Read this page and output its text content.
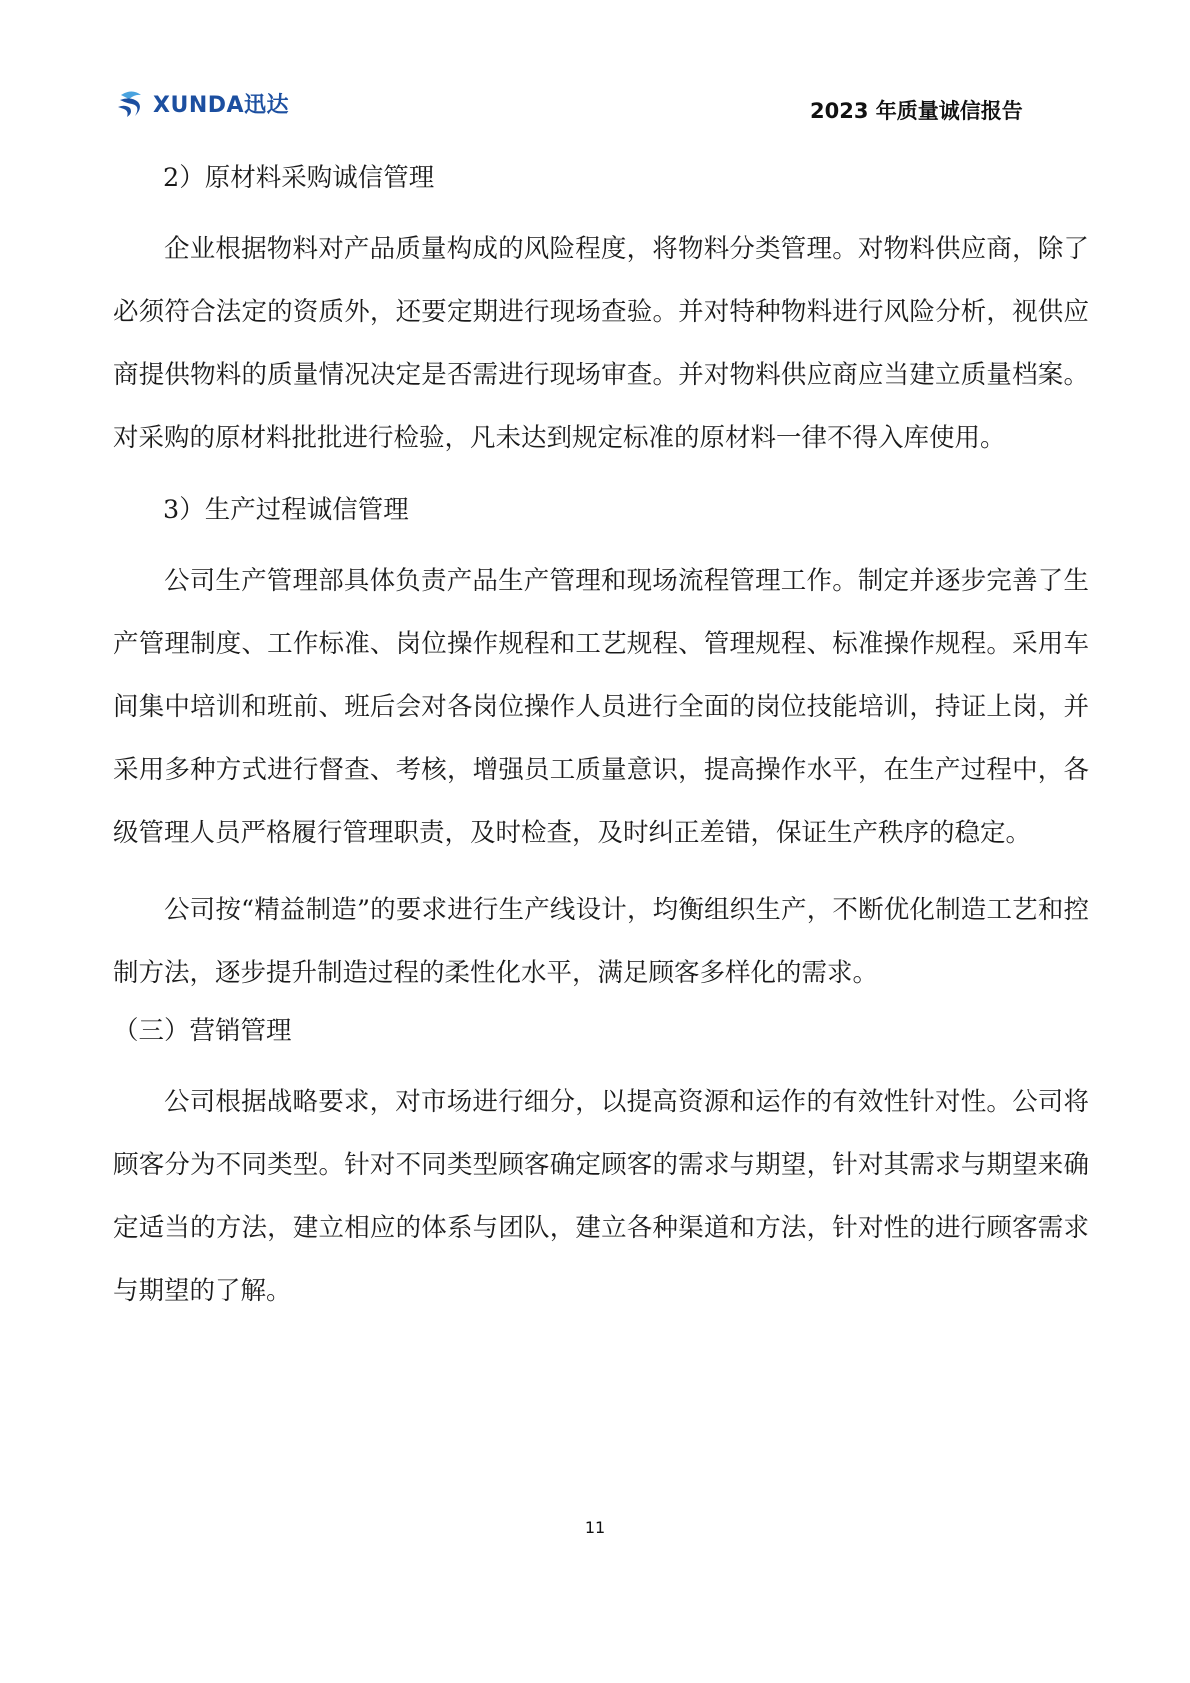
XUNDA迅达	2023 年质量诚信报告

2）原材料采购诚信管理

企业根据物料对产品质量构成的风险程度，将物料分类管理。对物料供应商，除了必须符合法定的资质外，还要定期进行现场查验。并对特种物料进行风险分析，视供应商提供物料的质量情况决定是否需进行现场审查。并对物料供应商应当建立质量档案。对采购的原材料批批进行检验，凡未达到规定标准的原材料一律不得入库使用。

3）生产过程诚信管理

公司生产管理部具体负责产品生产管理和现场流程管理工作。制定并逐步完善了生产管理制度、工作标准、岗位操作规程和工艺规程、管理规程、标准操作规程。采用车间集中培训和班前、班后会对各岗位操作人员进行全面的岗位技能培训，持证上岗，并采用多种方式进行督查、考核，增强员工质量意识，提高操作水平，在生产过程中，各级管理人员严格履行管理职责，及时检查，及时纠正差错，保证生产秩序的稳定。

公司按“精益制造”的要求进行生产线设计，均衡组织生产，不断优化制造工艺和控制方法，逐步提升制造过程的柔性化水平，满足顾客多样化的需求。

（三）营销管理

公司根据战略要求，对市场进行细分，以提高资源和运作的有效性针对性。公司将顾客分为不同类型。针对不同类型顾客确定顾客的需求与期望，针对其需求与期望来确定适当的方法，建立相应的体系与团队，建立各种渠道和方法，针对性的进行顾客需求与期望的了解。

11
